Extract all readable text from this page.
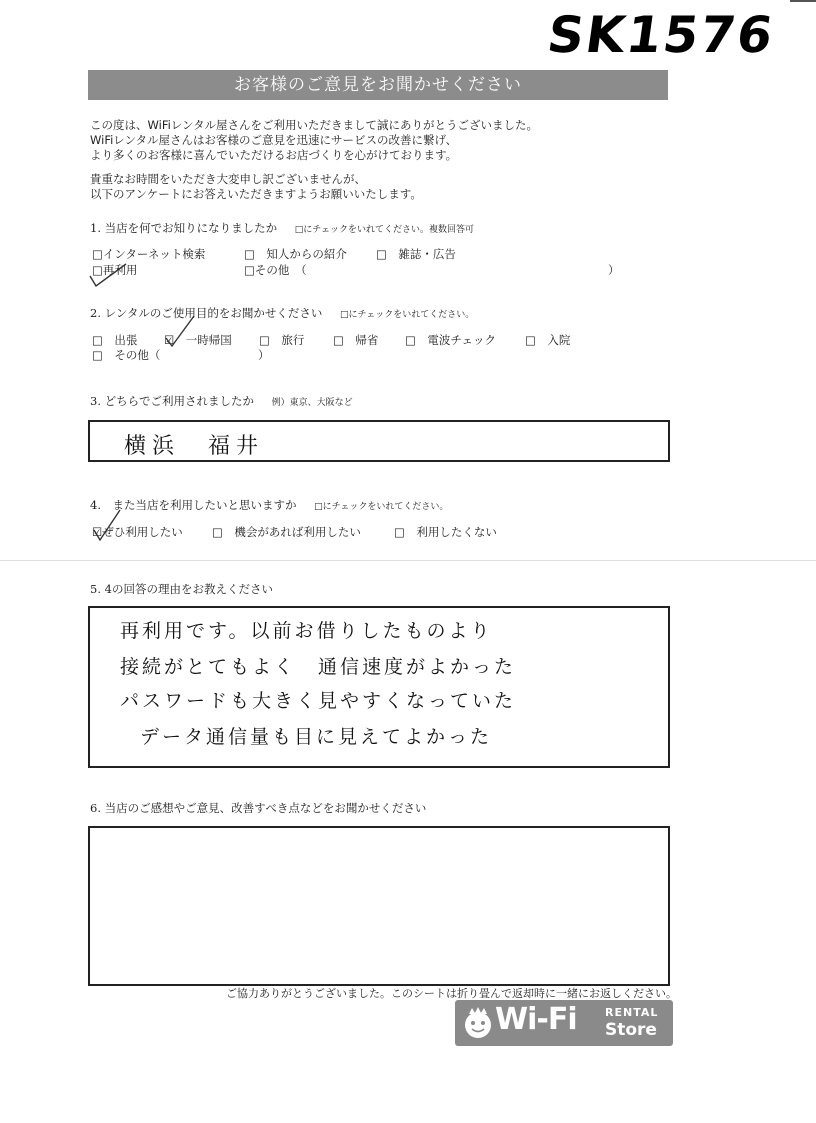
SK1576
お客様のご意見をお聞かせください
この度は、WiFiレンタル屋さんをご利用いただきまして誠にありがとうございました。
WiFiレンタル屋さんはお客様のご意見を迅速にサービスの改善に繋げ、
より多くのお客様に喜んでいただけるお店づくりを心がけております。
貴重なお時間をいただき大変申し訳ございませんが、
以下のアンケートにお答えいただきますようお願いいたします。
1. 当店を何でお知りになりましたか □にチェックをいれてください。複数回答可
□インターネット検索	□　知人からの紹介	□　雑誌・広告
□再利用	□その他　（	）
2. レンタルのご使用目的をお聞かせください □にチェックをいれてください。
□　出張 ☑　一時帰国 □　旅行 □　帰省 □　電波チェック	□　入院
□　その他（	）
3. どちらでご利用されましたか 例）東京、大阪など
横浜　福井
4.　また当店を利用したいと思いますか □にチェックをいれてください。
☑ぜひ利用したい	□　機会があれば利用したい	□　利用したくない
5. 4の回答の理由をお教えください
再利用です。以前お借りしたものより
接続がとてもよく　通信速度がよかった
パスワードも大きく見やすくなっていた
データ通信量も目に見えてよかった
6. 当店のご感想やご意見、改善すべき点などをお聞かせください
ご協力ありがとうございました。このシートは折り畳んで返却時に一緒にお返しください。
Wi-Fi	RENTAL
Store
